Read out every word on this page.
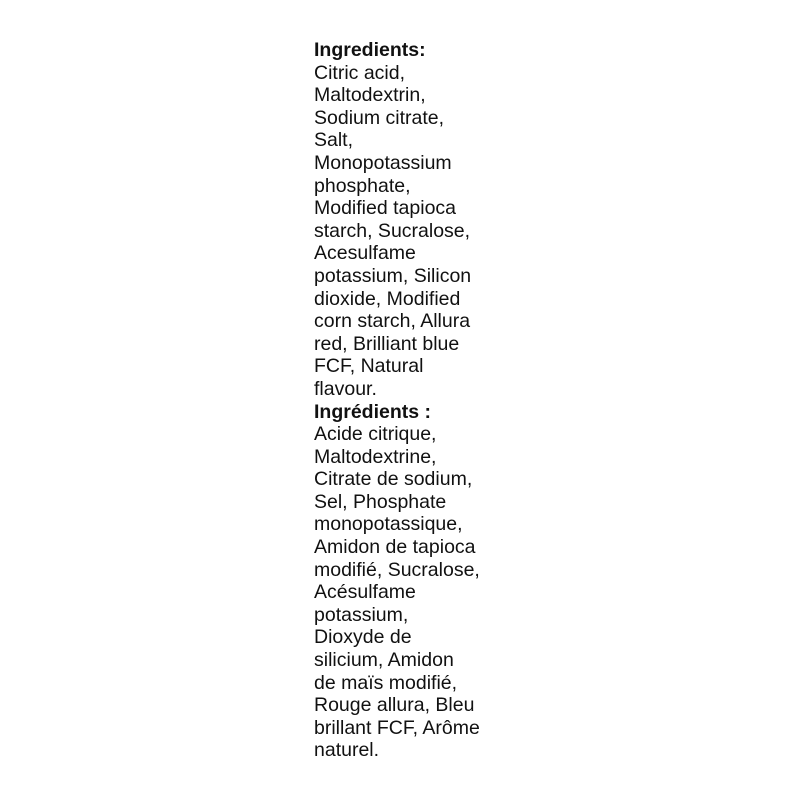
Ingredients:
Citric acid,
Maltodextrin,
Sodium citrate,
Salt,
Monopotassium
phosphate,
Modified tapioca
starch, Sucralose,
Acesulfame
potassium, Silicon
dioxide, Modified
corn starch, Allura
red, Brilliant blue
FCF, Natural
flavour.
Ingrédients :
Acide citrique,
Maltodextrine,
Citrate de sodium,
Sel, Phosphate
monopotassique,
Amidon de tapioca
modifié, Sucralose,
Acésulfame
potassium,
Dioxyde de
silicium, Amidon
de maïs modifié,
Rouge allura, Bleu
brillant FCF, Arôme
naturel.
